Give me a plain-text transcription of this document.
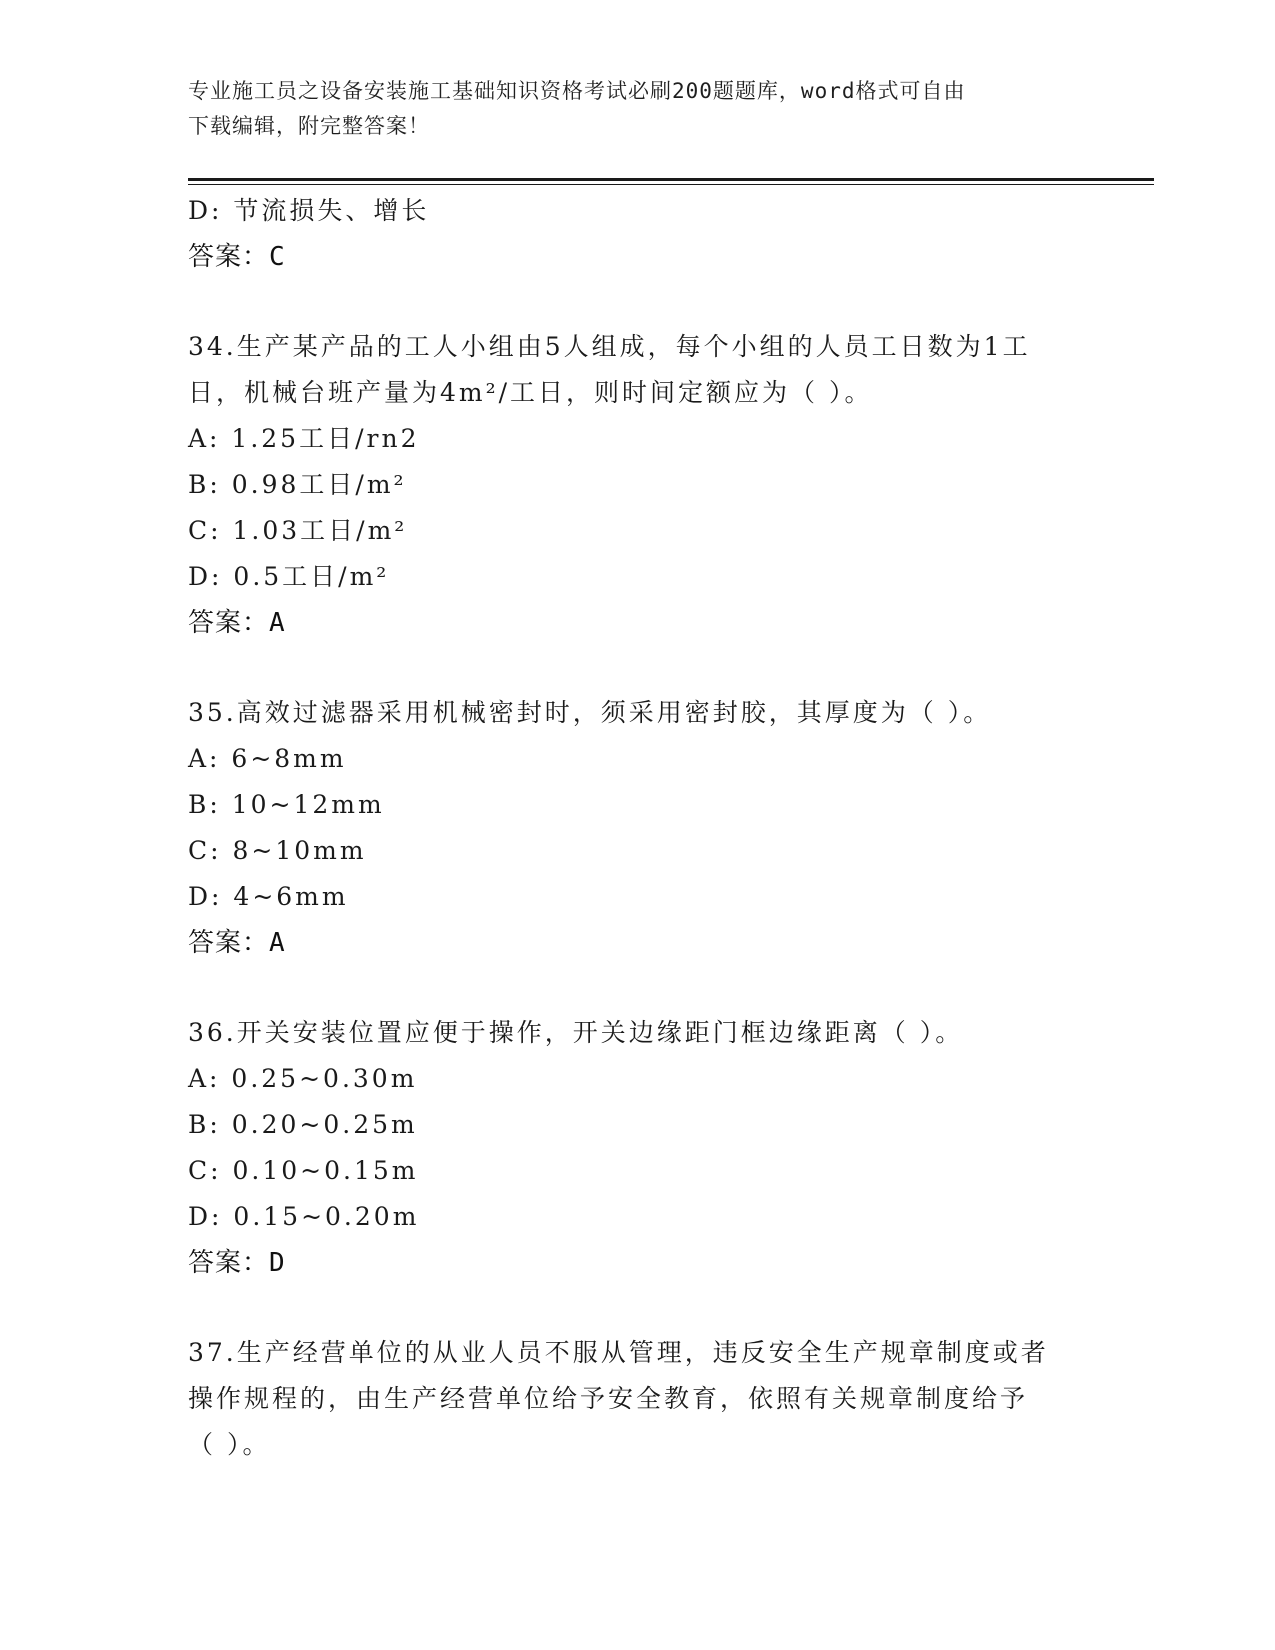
专业施工员之设备安装施工基础知识资格考试必刷200题题库，word格式可自由
下载编辑，附完整答案！
D: 节流损失、增长
答案：C
34.生产某产品的工人小组由5人组成，每个小组的人员工日数为1工
日，机械台班产量为4m²/工日，则时间定额应为（ ）。
A: 1.25工日/rn2
B: 0.98工日/m²
C: 1.03工日/m²
D: 0.5工日/m²
答案：A
35.高效过滤器采用机械密封时，须采用密封胶，其厚度为（ ）。
A: 6~8mm
B: 10~12mm
C: 8~10mm
D: 4~6mm
答案：A
36.开关安装位置应便于操作，开关边缘距门框边缘距离（ ）。
A: 0.25~0.30m
B: 0.20~0.25m
C: 0.10~0.15m
D: 0.15~0.20m
答案：D
37.生产经营单位的从业人员不服从管理，违反安全生产规章制度或者
操作规程的，由生产经营单位给予安全教育，依照有关规章制度给予
（ ）。
